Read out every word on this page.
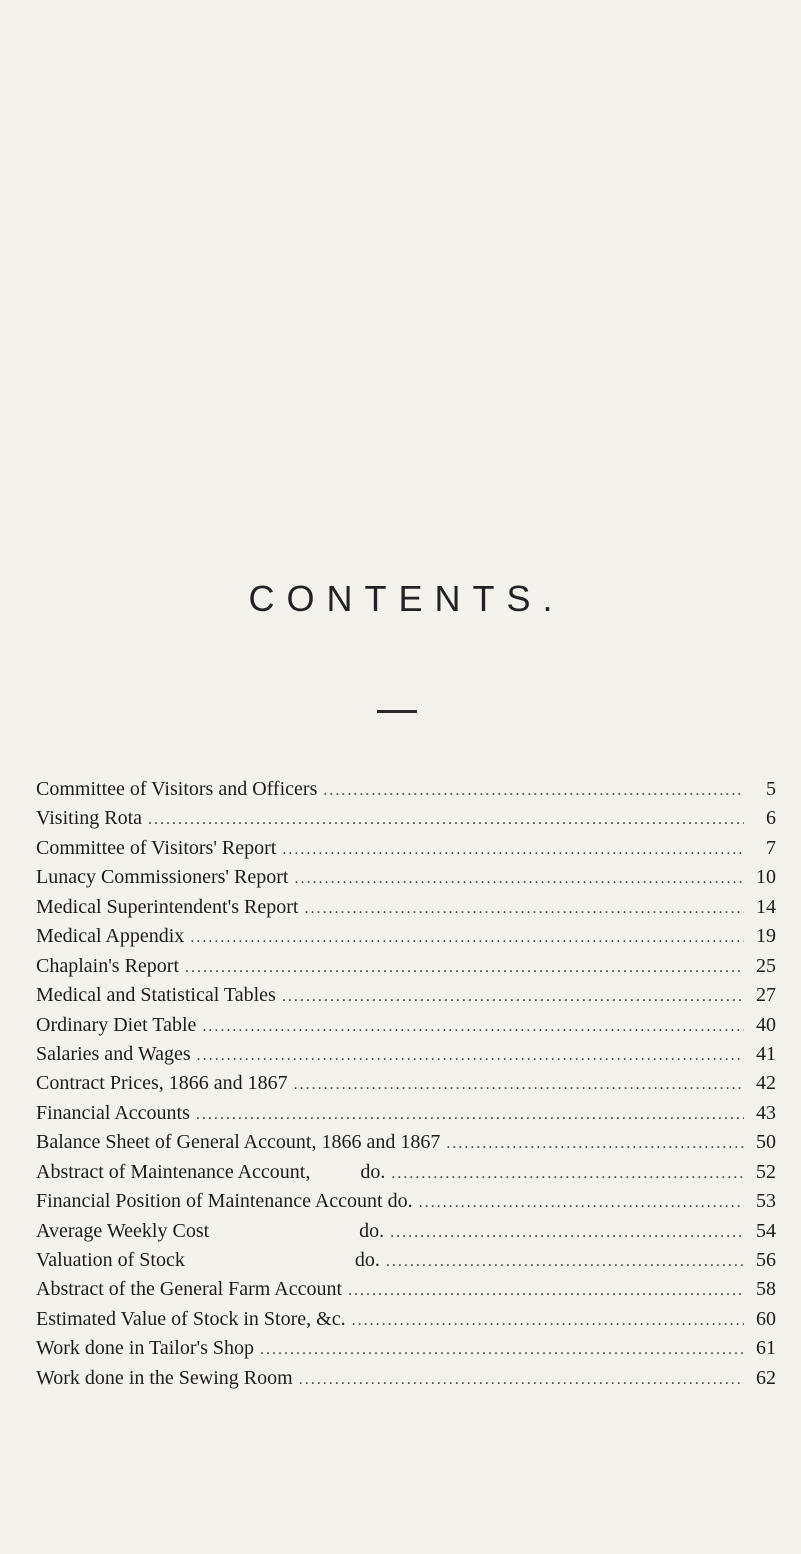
CONTENTS.
Committee of Visitors and Officers .....	5
Visiting Rota .....	6
Committee of Visitors' Report .....	7
Lunacy Commissioners' Report .....	10
Medical Superintendent's Report .....	14
Medical Appendix .....	19
Chaplain's Report .....	25
Medical and Statistical Tables .....	27
Ordinary Diet Table .....	40
Salaries and Wages .....	41
Contract Prices, 1866 and 1867 .....	42
Financial Accounts .....	43
Balance Sheet of General Account, 1866 and 1867 .....	50
Abstract of Maintenance Account,          do. .....	52
Financial Position of Maintenance Account do. .....	53
Average Weekly Cost                              do. .....	54
Valuation of Stock                                  do. .....	56
Abstract of the General Farm Account .....	58
Estimated Value of Stock in Store, &c. .....	60
Work done in Tailor's Shop .....	61
Work done in the Sewing Room .....	62
